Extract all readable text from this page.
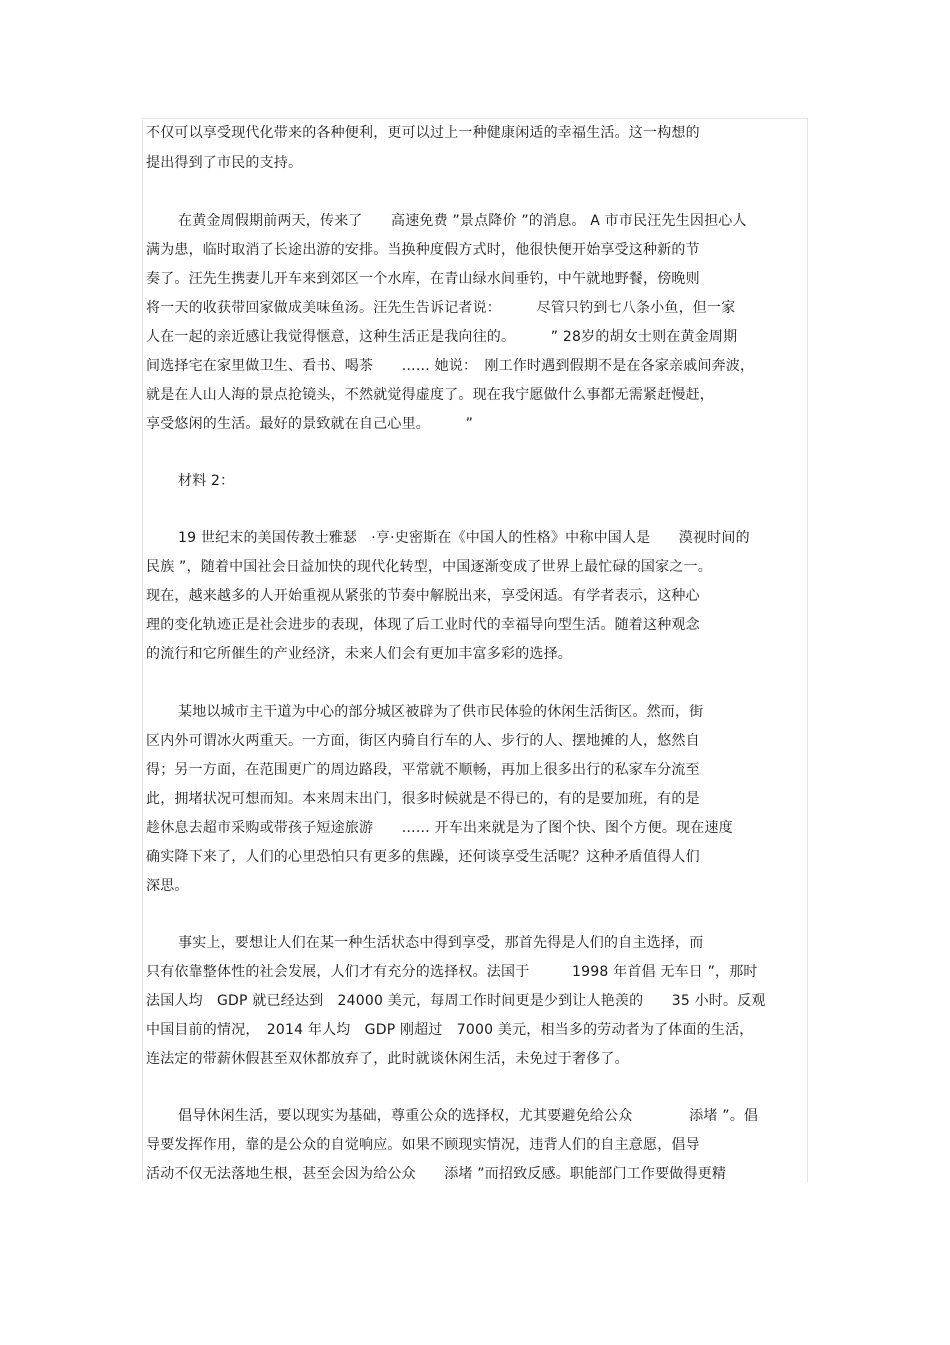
不仅可以享受现代化带来的各种便利，更可以过上一种健康闲适的幸福生活。这一构想的
提出得到了市民的支持。
在黄金周假期前两天，传来了　　高速免费 ”景点降价 ”的消息。 A 市市民汪先生因担心人
满为患，临时取消了长途出游的安排。当换种度假方式时，他很快便开始享受这种新的节
奏了。汪先生携妻儿开车来到郊区一个水库，在青山绿水间垂钓，中午就地野餐，傍晚则
将一天的收获带回家做成美味鱼汤。汪先生告诉记者说：　　　尽管只钓到七八条小鱼，但一家
人在一起的亲近感让我觉得惬意，这种生活正是我向往的。　　　” 28岁的胡女士则在黄金周期
间选择宅在家里做卫生、看书、喝茶　　…… 她说：　刚工作时遇到假期不是在各家亲戚间奔波，
就是在人山人海的景点抢镜头，不然就觉得虚度了。现在我宁愿做什么事都无需紧赶慢赶，
享受悠闲的生活。最好的景致就在自己心里。　　　”
材料 2：
19 世纪末的美国传教士雅瑟　·亨·史密斯在《中国人的性格》中称中国人是　　漠视时间的
民族 ”，随着中国社会日益加快的现代化转型，中国逐渐变成了世界上最忙碌的国家之一。
现在，越来越多的人开始重视从紧张的节奏中解脱出来，享受闲适。有学者表示，这种心
理的变化轨迹正是社会进步的表现，体现了后工业时代的幸福导向型生活。随着这种观念
的流行和它所催生的产业经济，未来人们会有更加丰富多彩的选择。
某地以城市主干道为中心的部分城区被辟为了供市民体验的休闲生活街区。然而，街
区内外可谓冰火两重天。一方面，街区内骑自行车的人、步行的人、摆地摊的人，悠然自
得；另一方面，在范围更广的周边路段，平常就不顺畅，再加上很多出行的私家车分流至
此，拥堵状况可想而知。本来周末出门，很多时候就是不得已的，有的是要加班，有的是
趁休息去超市采购或带孩子短途旅游　　…… 开车出来就是为了图个快、图个方便。现在速度
确实降下来了，人们的心里恐怕只有更多的焦躁，还何谈享受生活呢？这种矛盾值得人们
深思。
事实上，要想让人们在某一种生活状态中得到享受，那首先得是人们的自主选择，而
只有依靠整体性的社会发展，人们才有充分的选择权。法国于　　　1998 年首倡 无车日 ”，那时
法国人均　GDP 就已经达到　24000 美元，每周工作时间更是少到让人艳羡的　　35 小时。反观
中国目前的情况，　2014 年人均　GDP 刚超过　7000 美元，相当多的劳动者为了体面的生活，
连法定的带薪休假甚至双休都放弃了，此时就谈休闲生活，未免过于奢侈了。
倡导休闲生活，要以现实为基础，尊重公众的选择权，尤其要避免给公众　　　　添堵 ”。倡
导要发挥作用，靠的是公众的自觉响应。如果不顾现实情况，违背人们的自主意愿，倡导
活动不仅无法落地生根，甚至会因为给公众　　添堵 ”而招致反感。职能部门工作要做得更精
